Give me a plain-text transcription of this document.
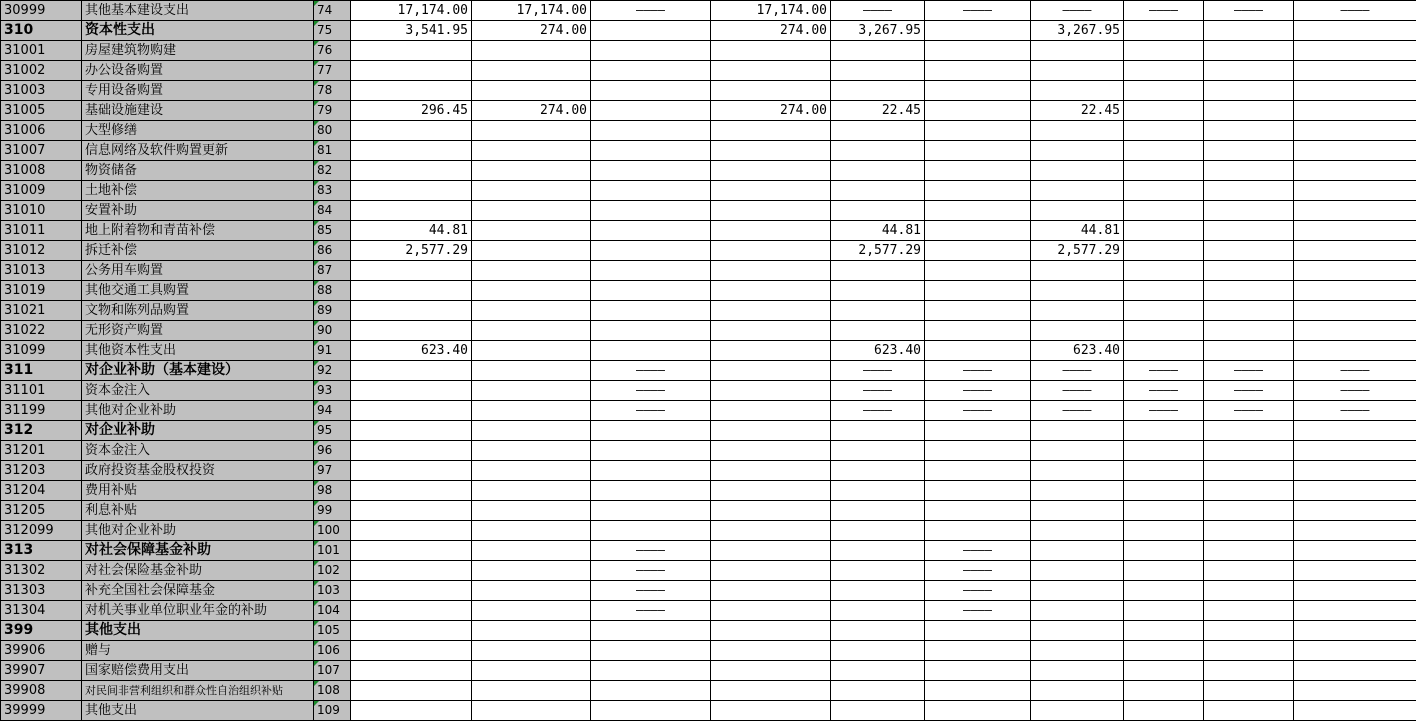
30999	其他基本建设支出	74	17,174.00	17,174.00	————	17,174.00	————	————	————	————	————	————
310	资本性支出	75	3,541.95	274.00		274.00	3,267.95		3,267.95			
31001	房屋建筑物购建	76										
31002	办公设备购置	77										
31003	专用设备购置	78										
31005	基础设施建设	79	296.45	274.00		274.00	22.45		22.45			
31006	大型修缮	80										
31007	信息网络及软件购置更新	81										
31008	物资储备	82										
31009	土地补偿	83										
31010	安置补助	84										
31011	地上附着物和青苗补偿	85	44.81				44.81		44.81			
31012	拆迁补偿	86	2,577.29				2,577.29		2,577.29			
31013	公务用车购置	87										
31019	其他交通工具购置	88										
31021	文物和陈列品购置	89										
31022	无形资产购置	90										
31099	其他资本性支出	91	623.40				623.40		623.40			
311	对企业补助（基本建设）	92			————		————	————	————	————	————	————
31101	资本金注入	93			————		————	————	————	————	————	————
31199	其他对企业补助	94			————		————	————	————	————	————	————
312	对企业补助	95										
31201	资本金注入	96										
31203	政府投资基金股权投资	97										
31204	费用补贴	98										
31205	利息补贴	99										
312099	其他对企业补助	100										
313	对社会保障基金补助	101			————			————				
31302	对社会保险基金补助	102			————			————				
31303	补充全国社会保障基金	103			————			————				
31304	对机关事业单位职业年金的补助	104			————			————				
399	其他支出	105										
39906	赠与	106										
39907	国家赔偿费用支出	107										
39908	对民间非营利组织和群众性自治组织补贴	108										
39999	其他支出	109										
